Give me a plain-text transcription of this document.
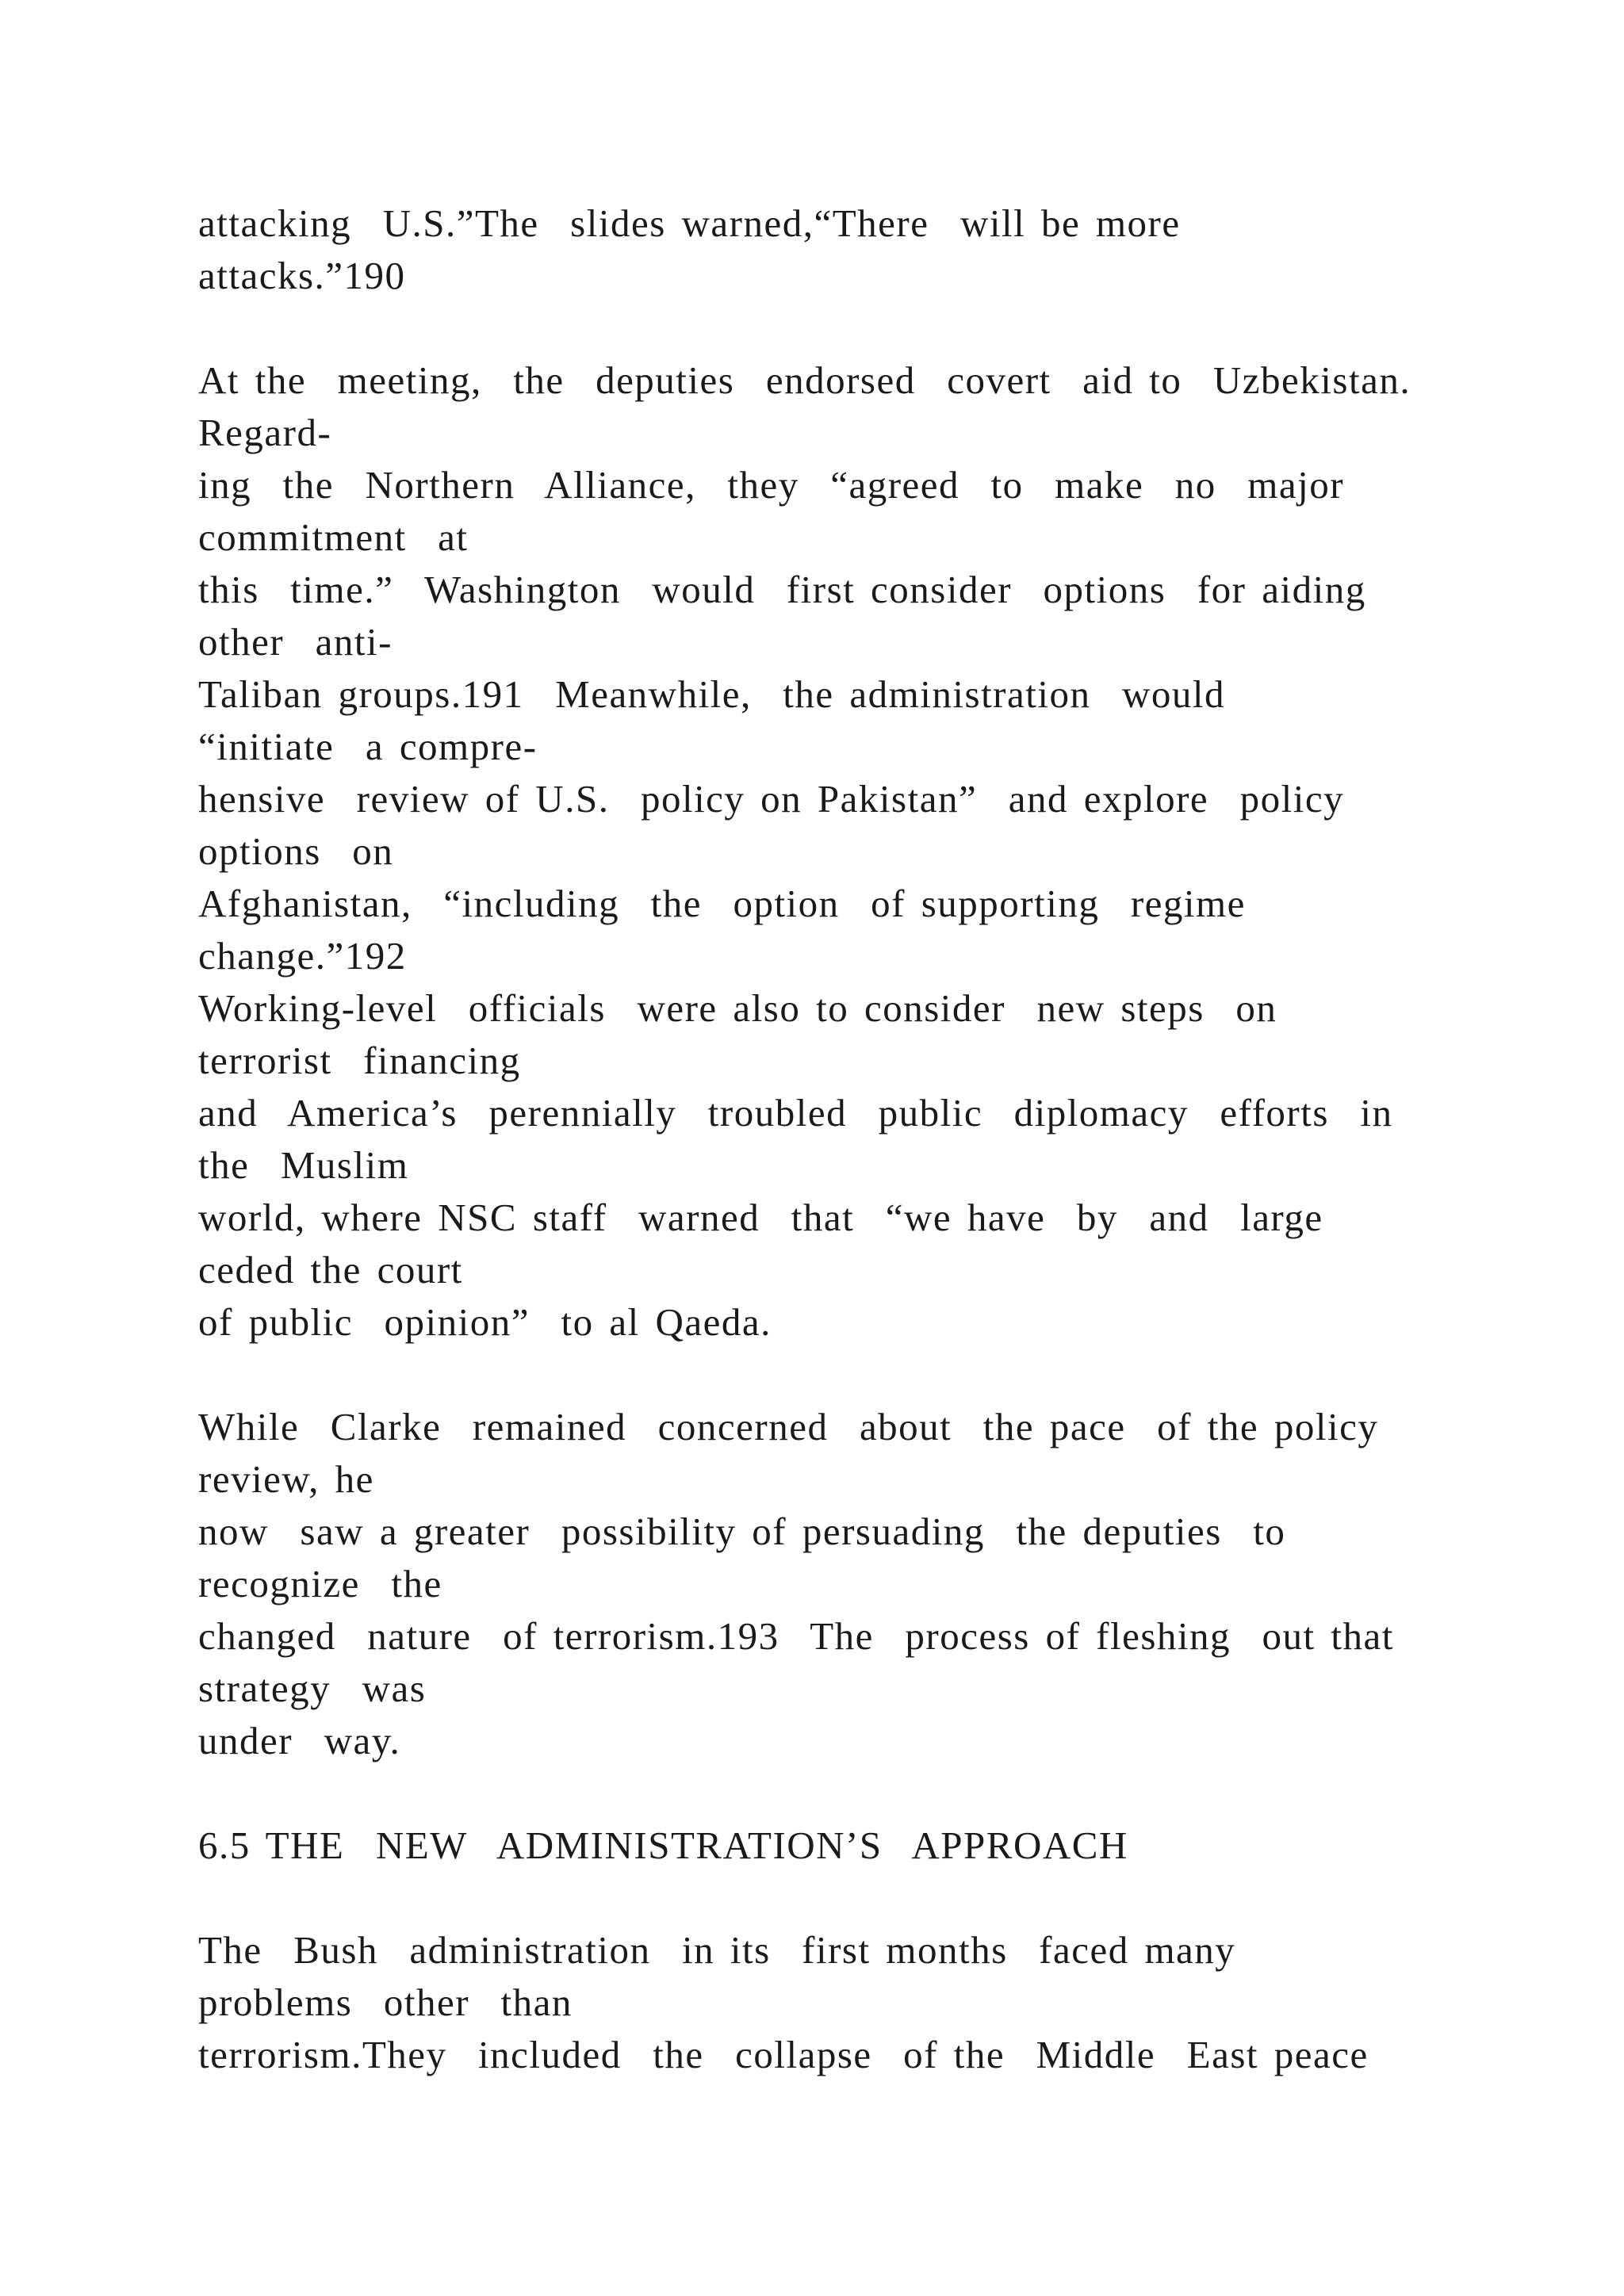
attacking  U.S.”The  slides warned,“There  will be more
attacks.”190
At the  meeting,  the  deputies  endorsed  covert  aid to  Uzbekistan.
Regard-
ing  the  Northern  Alliance,  they  “agreed  to  make  no  major
commitment  at
this  time.”  Washington  would  first consider  options  for aiding
other  anti-
Taliban groups.191  Meanwhile,  the administration  would
“initiate  a compre-
hensive  review of U.S.  policy on Pakistan”  and explore  policy
options  on
Afghanistan,  “including  the  option  of supporting  regime
change.”192
Working-level  officials  were also to consider  new steps  on
terrorist  financing
and  America’s  perennially  troubled  public  diplomacy  efforts  in
the  Muslim
world, where NSC staff  warned  that  “we have  by  and  large
ceded the court
of public  opinion”  to al Qaeda.
While  Clarke  remained  concerned  about  the pace  of the policy
review, he
now  saw a greater  possibility of persuading  the deputies  to
recognize  the
changed  nature  of terrorism.193  The  process of fleshing  out that
strategy  was
under  way.
6.5 THE  NEW  ADMINISTRATION’S  APPROACH
The  Bush  administration  in its  first months  faced many
problems  other  than
terrorism.They  included  the  collapse  of the  Middle  East peace
